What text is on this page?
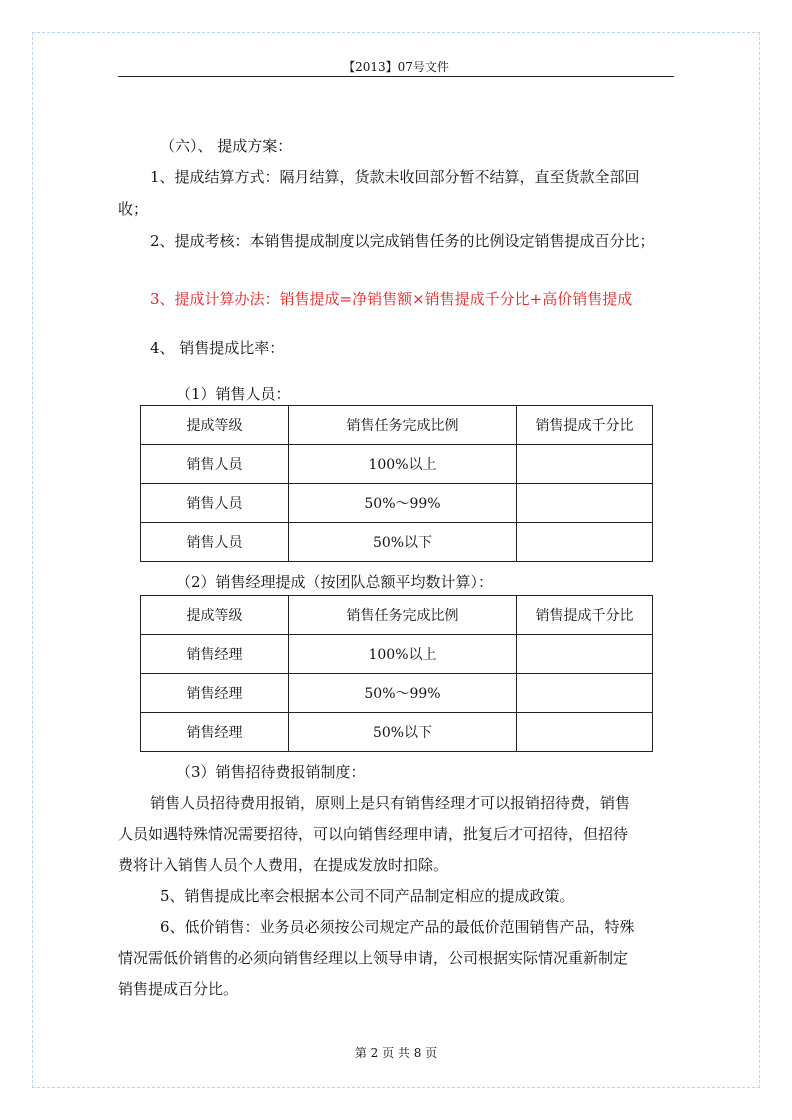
【2013】07号文件
（六）、 提成方案：
1、提成结算方式：隔月结算，货款未收回部分暂不结算，直至货款全部回
收；
2、提成考核：本销售提成制度以完成销售任务的比例设定销售提成百分比；
3、提成计算办法：销售提成=净销售额×销售提成千分比+高价销售提成
4、 销售提成比率：
（1）销售人员：
提成等级	销售任务完成比例	销售提成千分比
销售人员	100%以上	
销售人员	50%～99%	
销售人员	50%以下	
（2）销售经理提成（按团队总额平均数计算）：
提成等级	销售任务完成比例	销售提成千分比
销售经理	100%以上	
销售经理	50%～99%	
销售经理	50%以下	
（3）销售招待费报销制度：
销售人员招待费用报销，原则上是只有销售经理才可以报销招待费，销售
人员如遇特殊情况需要招待，可以向销售经理申请，批复后才可招待，但招待
费将计入销售人员个人费用，在提成发放时扣除。
5、销售提成比率会根据本公司不同产品制定相应的提成政策。
6、低价销售：业务员必须按公司规定产品的最低价范围销售产品，特殊
情况需低价销售的必须向销售经理以上领导申请，公司根据实际情况重新制定
销售提成百分比。
第 2 页 共 8 页
